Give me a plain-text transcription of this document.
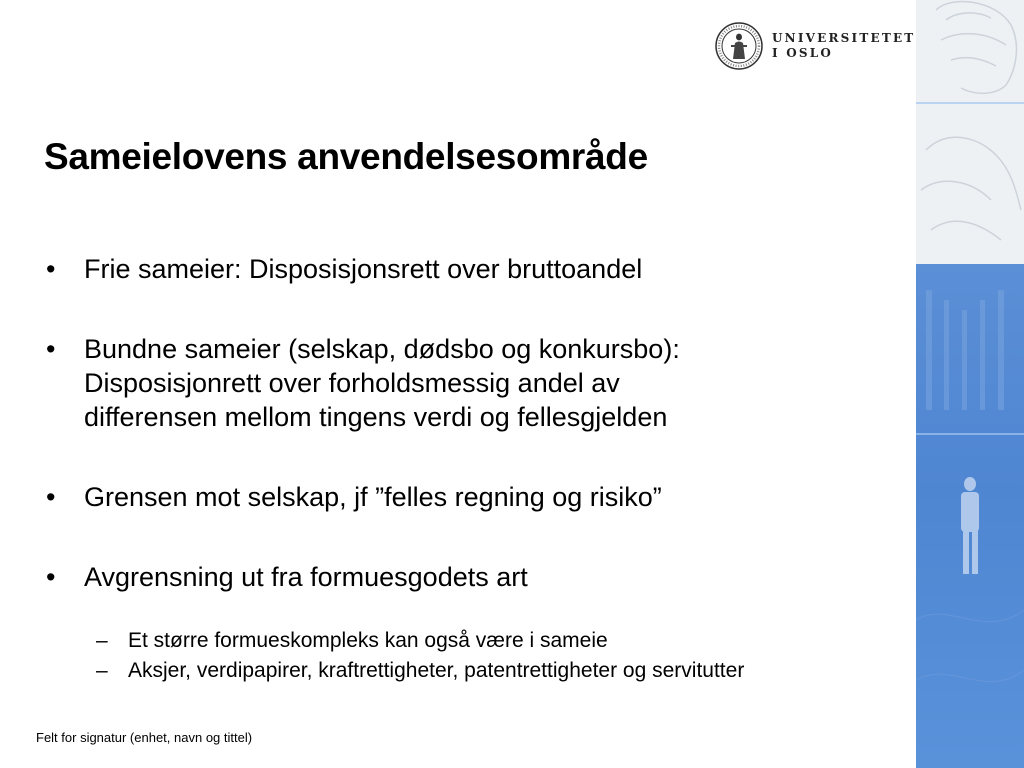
UNIVERSITETET
I OSLO
Sameielovens anvendelsesområde
• Frie sameier: Disposisjonsrett over bruttoandel
• Bundne sameier (selskap, dødsbo og konkursbo):
Disposisjonrett over forholdsmessig andel av
differensen mellom tingens verdi og fellesgjelden
• Grensen mot selskap, jf ”felles regning og risiko”
• Avgrensning ut fra formuesgodets art
– Et større formueskompleks kan også være i sameie
– Aksjer, verdipapirer, kraftrettigheter, patentrettigheter og servitutter
Felt for signatur (enhet, navn og tittel)
